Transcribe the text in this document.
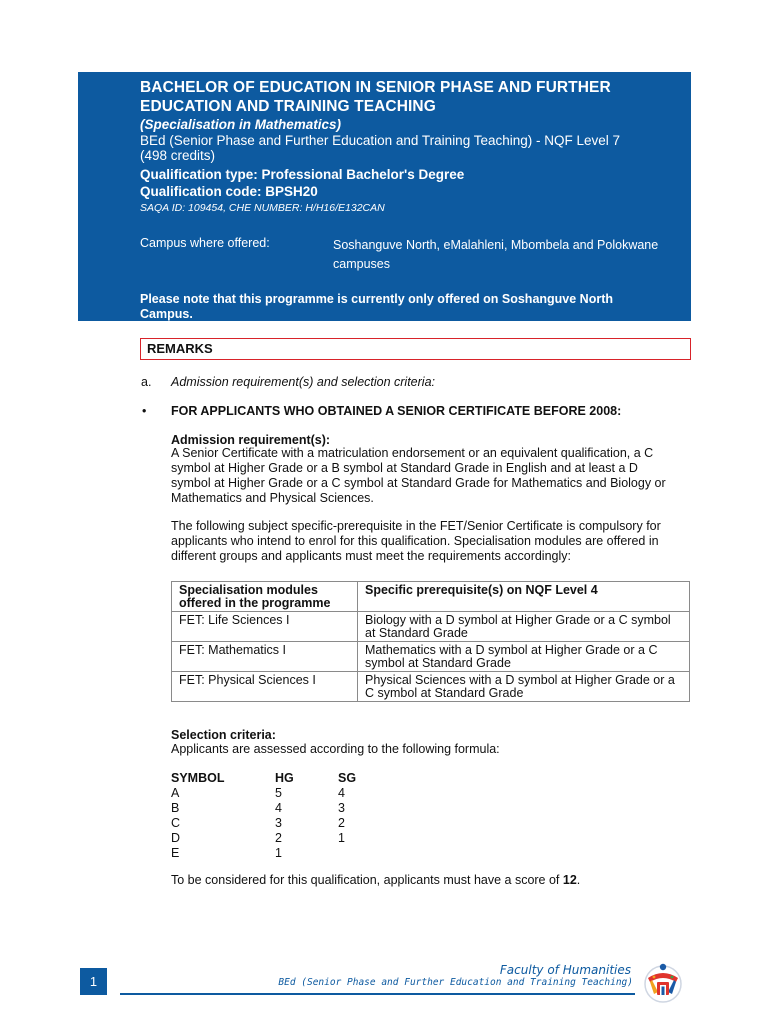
BACHELOR OF EDUCATION IN SENIOR PHASE AND FURTHER
EDUCATION AND TRAINING TEACHING
(Specialisation in Mathematics)
BEd (Senior Phase and Further Education and Training Teaching) - NQF Level 7
(498 credits)
Qualification type: Professional Bachelor's Degree
Qualification code: BPSH20
SAQA ID: 109454, CHE NUMBER: H/H16/E132CAN
Campus where offered:	Soshanguve North, eMalahleni, Mbombela and Polokwane
campuses
Please note that this programme is currently only offered on Soshanguve North
Campus.
REMARKS
a. Admission requirement(s) and selection criteria:
• FOR APPLICANTS WHO OBTAINED A SENIOR CERTIFICATE BEFORE 2008:
Admission requirement(s):
A Senior Certificate with a matriculation endorsement or an equivalent qualification, a C
symbol at Higher Grade or a B symbol at Standard Grade in English and at least a D
symbol at Higher Grade or a C symbol at Standard Grade for Mathematics and Biology or
Mathematics and Physical Sciences.
The following subject specific-prerequisite in the FET/Senior Certificate is compulsory for
applicants who intend to enrol for this qualification. Specialisation modules are offered in
different groups and applicants must meet the requirements accordingly:
Specialisation modules offered in the programme	Specific prerequisite(s) on NQF Level 4
FET: Life Sciences I	Biology with a D symbol at Higher Grade or a C symbol at Standard Grade
FET: Mathematics I	Mathematics with a D symbol at Higher Grade or a C symbol at Standard Grade
FET: Physical Sciences I	Physical Sciences with a D symbol at Higher Grade or a C symbol at Standard Grade
Selection criteria:
Applicants are assessed according to the following formula:
SYMBOL	HG	SG
A	5	4
B	4	3
C	3	2
D	2	1
E	1
To be considered for this qualification, applicants must have a score of 12.
1
Faculty of Humanities
BEd (Senior Phase and Further Education and Training Teaching)
